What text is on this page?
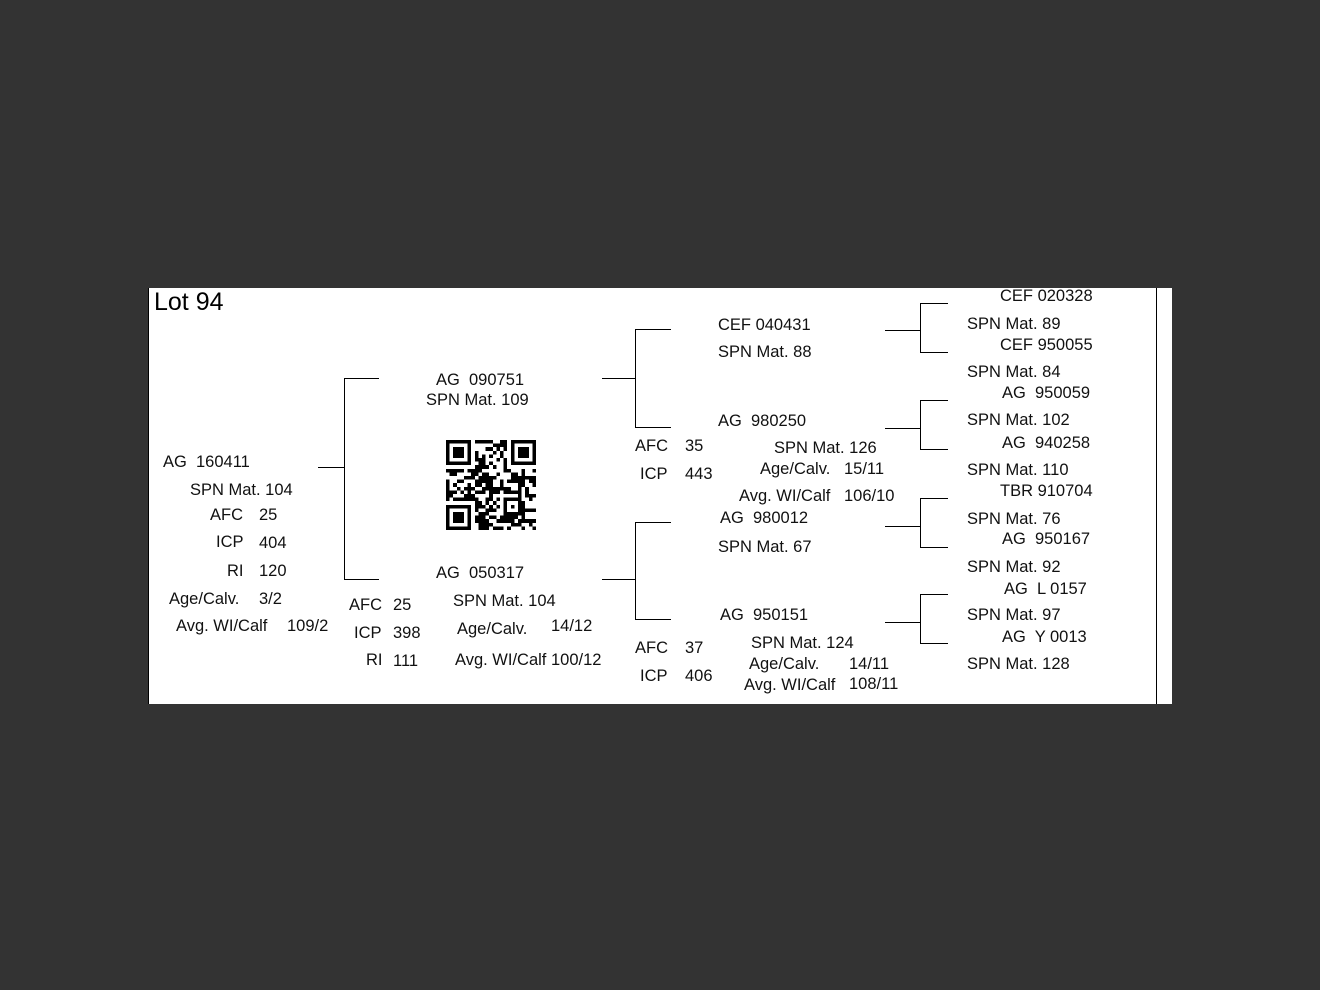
Lot 94
AG  160411
SPN Mat. 104
AFC 25
ICP 404
RI 120
Age/Calv. 3/2
Avg. WI/Calf 109/2
AG  090751
SPN Mat. 109
AG  050317
SPN Mat. 104
AFC 25
ICP 398
RI 111
Age/Calv. 14/12
Avg. WI/Calf 100/12
CEF 040431
SPN Mat. 88
AG  980250
SPN Mat. 126
AFC 35
ICP 443	Age/Calv. 15/11
Avg. WI/Calf 106/10
AG  980012
SPN Mat. 67
AG  950151
SPN Mat. 124
AFC 37
ICP 406
Age/Calv. 14/11
Avg. WI/Calf 108/11
CEF 020328
SPN Mat. 89
CEF 950055
SPN Mat. 84
AG  950059
SPN Mat. 102
AG  940258
SPN Mat. 110
TBR 910704
SPN Mat. 76
AG  950167
SPN Mat. 92
AG  L 0157
SPN Mat. 97
AG  Y 0013
SPN Mat. 128
